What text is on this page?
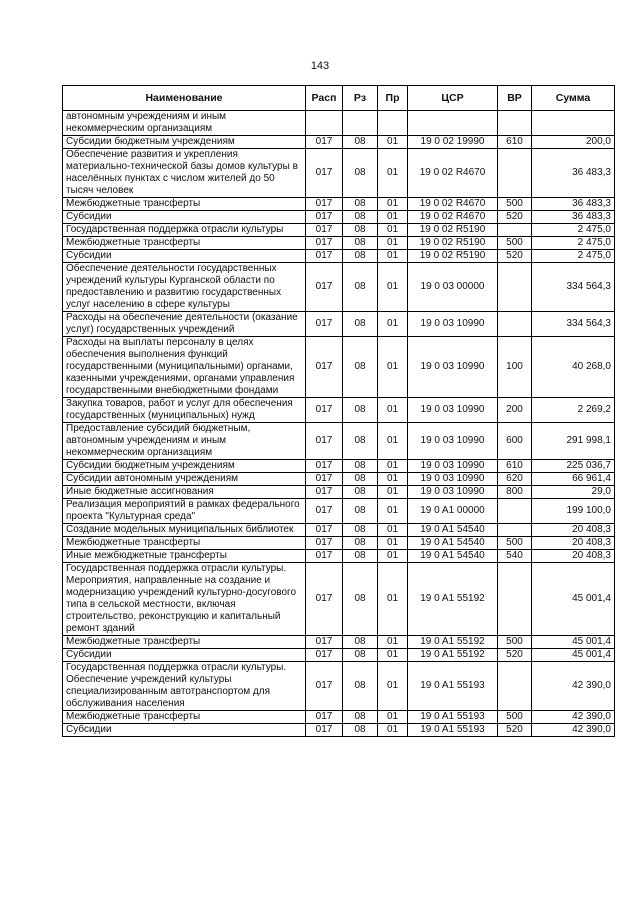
143
Наименование	Расп	Рз	Пр	ЦСР	ВР	Сумма
автономным учреждениям и иным некоммерческим организациям						
Субсидии бюджетным учреждениям	017	08	01	19 0 02 19990	610	200,0
Обеспечение развития и укрепления материально-технической базы домов культуры в населённых пунктах с числом жителей до 50 тысяч человек	017	08	01	19 0 02 R4670		36 483,3
Межбюджетные трансферты	017	08	01	19 0 02 R4670	500	36 483,3
Субсидии	017	08	01	19 0 02 R4670	520	36 483,3
Государственная поддержка отрасли культуры	017	08	01	19 0 02 R5190		2 475,0
Межбюджетные трансферты	017	08	01	19 0 02 R5190	500	2 475,0
Субсидии	017	08	01	19 0 02 R5190	520	2 475,0
Обеспечение деятельности государственных учреждений культуры Курганской области по предоставлению и развитию государственных услуг населению в сфере культуры	017	08	01	19 0 03 00000		334 564,3
Расходы на обеспечение деятельности (оказание услуг) государственных учреждений	017	08	01	19 0 03 10990		334 564,3
Расходы на выплаты персоналу в целях обеспечения выполнения функций государственными (муниципальными) органами, казенными учреждениями, органами управления государственными внебюджетными фондами	017	08	01	19 0 03 10990	100	40 268,0
Закупка товаров, работ и услуг для обеспечения государственных (муниципальных) нужд	017	08	01	19 0 03 10990	200	2 269,2
Предоставление субсидий бюджетным, автономным учреждениям и иным некоммерческим организациям	017	08	01	19 0 03 10990	600	291 998,1
Субсидии бюджетным учреждениям	017	08	01	19 0 03 10990	610	225 036,7
Субсидии автономным учреждениям	017	08	01	19 0 03 10990	620	66 961,4
Иные бюджетные ассигнования	017	08	01	19 0 03 10990	800	29,0
Реализация мероприятий в рамках федерального проекта "Культурная среда"	017	08	01	19 0 A1 00000		199 100,0
Создание модельных муниципальных библиотек	017	08	01	19 0 A1 54540		20 408,3
Межбюджетные трансферты	017	08	01	19 0 A1 54540	500	20 408,3
Иные межбюджетные трансферты	017	08	01	19 0 A1 54540	540	20 408,3
Государственная поддержка отрасли культуры. Мероприятия, направленные на создание и модернизацию учреждений культурно-досугового типа в сельской местности, включая строительство, реконструкцию и капитальный ремонт зданий	017	08	01	19 0 A1 55192		45 001,4
Межбюджетные трансферты	017	08	01	19 0 A1 55192	500	45 001,4
Субсидии	017	08	01	19 0 A1 55192	520	45 001,4
Государственная поддержка отрасли культуры. Обеспечение учреждений культуры специализированным автотранспортом для обслуживания населения	017	08	01	19 0 A1 55193		42 390,0
Межбюджетные трансферты	017	08	01	19 0 A1 55193	500	42 390,0
Субсидии	017	08	01	19 0 A1 55193	520	42 390,0
